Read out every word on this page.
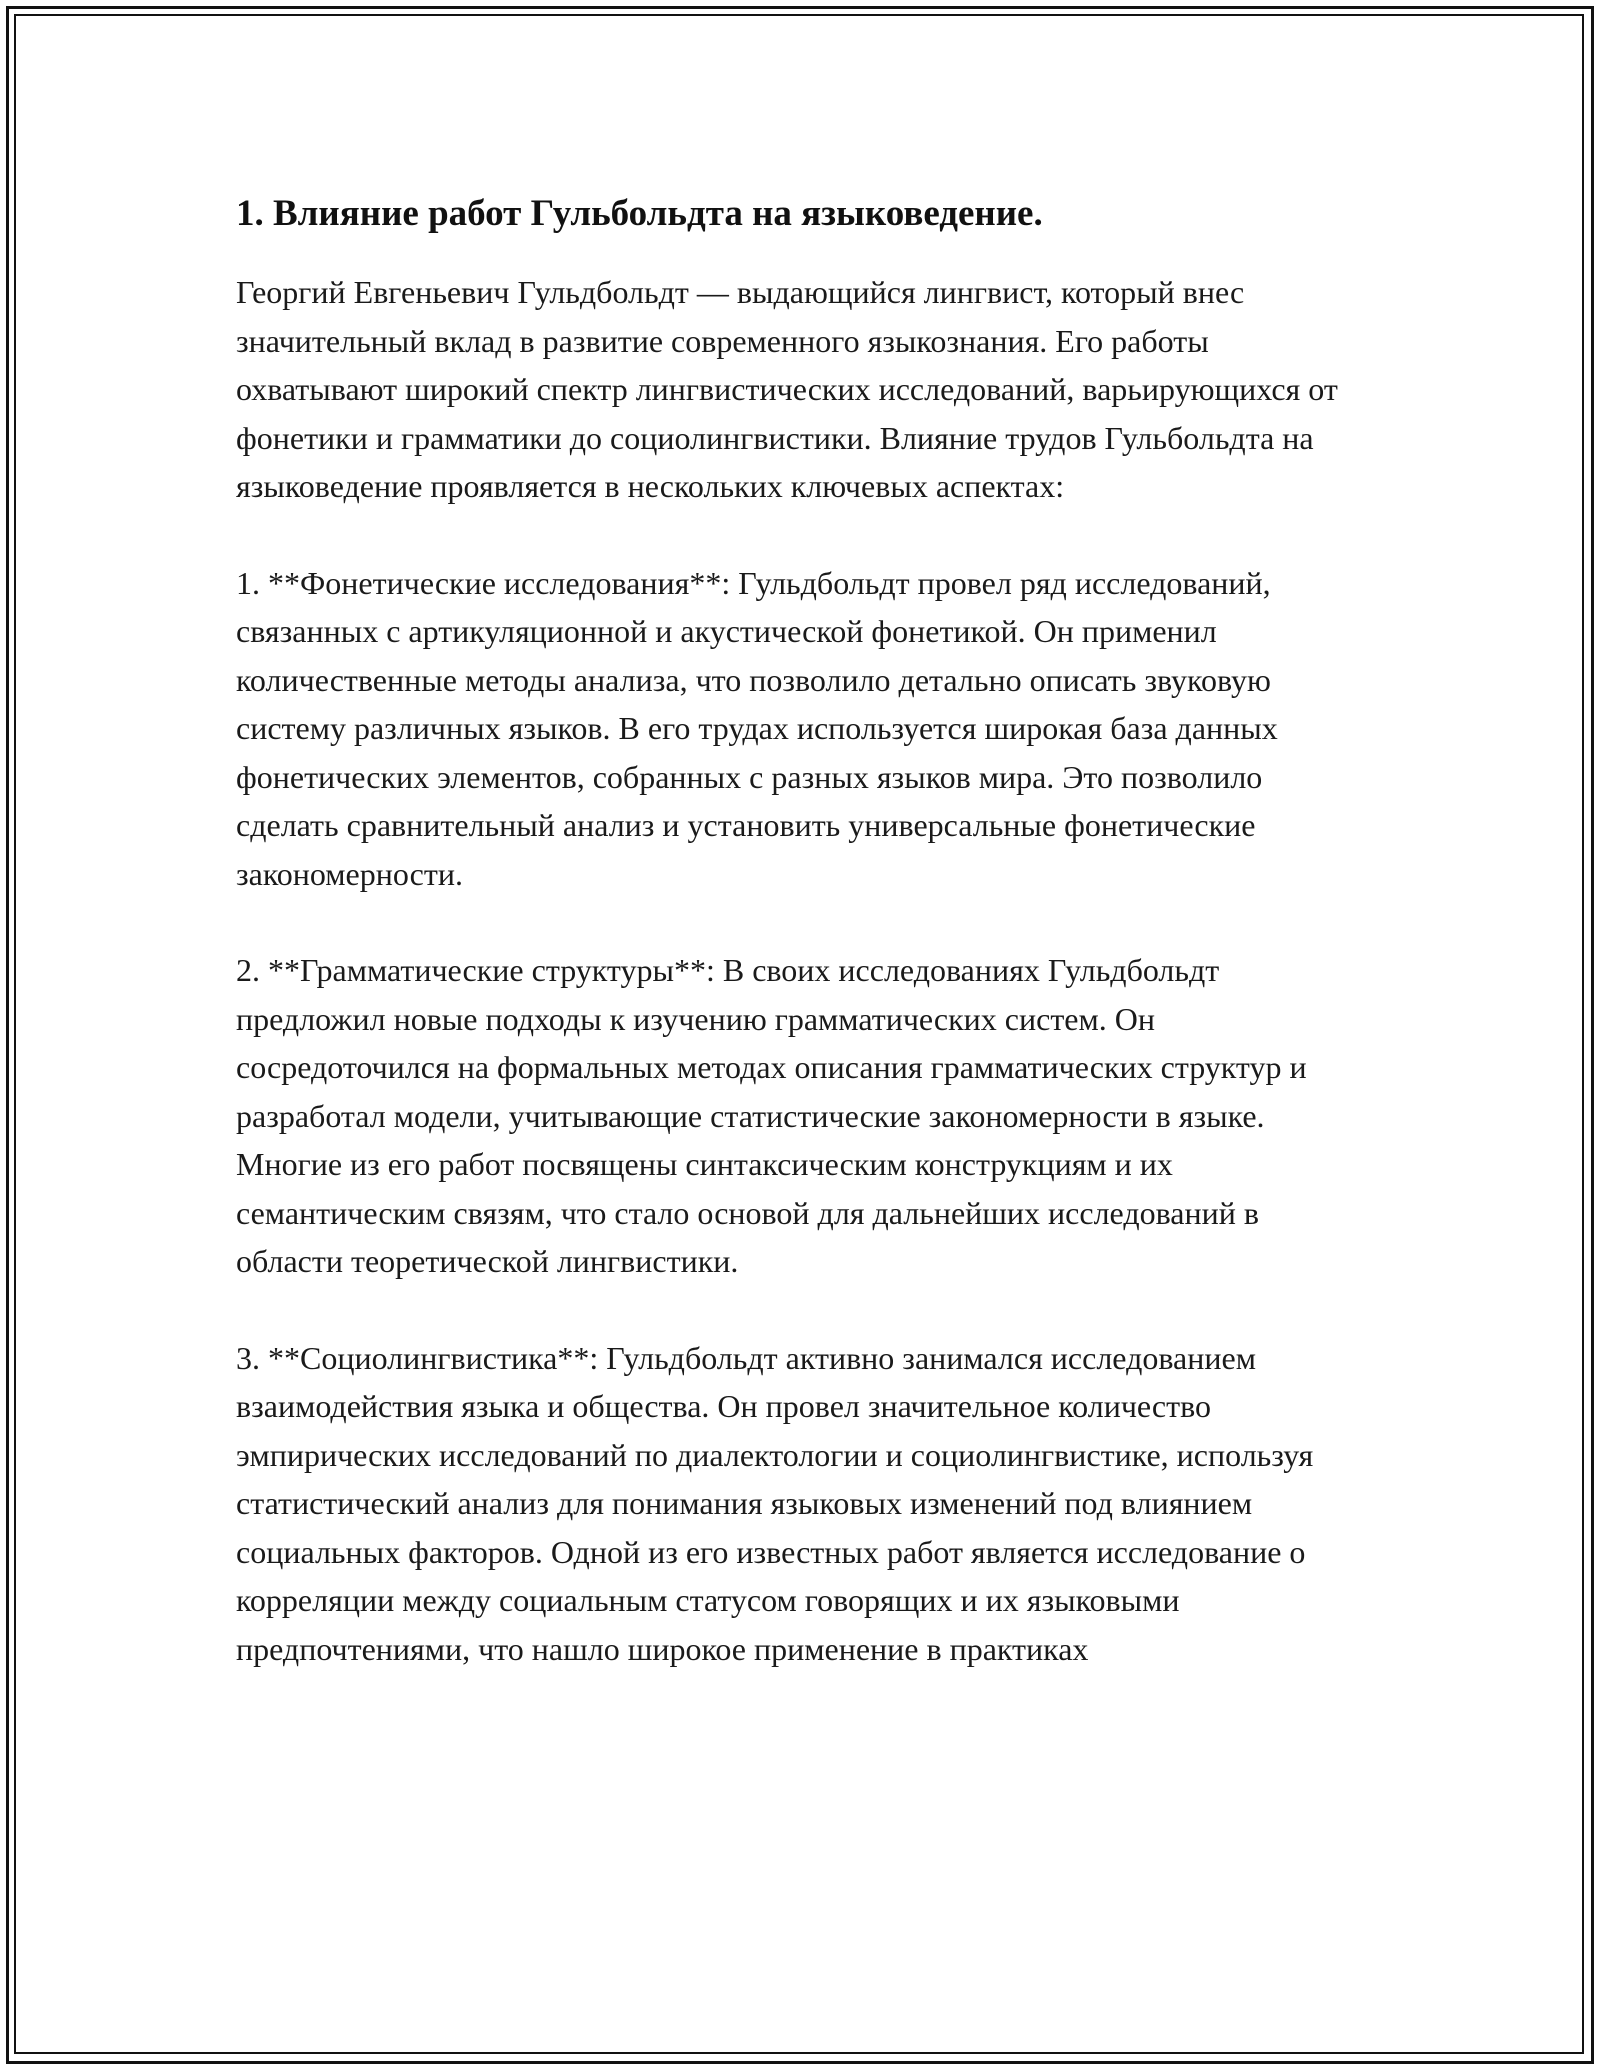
1. Влияние работ Гульбольдта на языковедение.

Георгий Евгеньевич Гульдбольдт — выдающийся лингвист, который внес значительный вклад в развитие современного языкознания. Его работы охватывают широкий спектр лингвистических исследований, варьирующихся от фонетики и грамматики до социолингвистики. Влияние трудов Гульбольдта на языковедение проявляется в нескольких ключевых аспектах:

1. **Фонетические исследования**: Гульдбольдт провел ряд исследований, связанных с артикуляционной и акустической фонетикой. Он применил количественные методы анализа, что позволило детально описать звуковую систему различных языков. В его трудах используется широкая база данных фонетических элементов, собранных с разных языков мира. Это позволило сделать сравнительный анализ и установить универсальные фонетические закономерности.

2. **Грамматические структуры**: В своих исследованиях Гульдбольдт предложил новые подходы к изучению грамматических систем. Он сосредоточился на формальных методах описания грамматических структур и разработал модели, учитывающие статистические закономерности в языке. Многие из его работ посвящены синтаксическим конструкциям и их семантическим связям, что стало основой для дальнейших исследований в области теоретической лингвистики.

3. **Социолингвистика**: Гульдбольдт активно занимался исследованием взаимодействия языка и общества. Он провел значительное количество эмпирических исследований по диалектологии и социолингвистике, используя статистический анализ для понимания языковых изменений под влиянием социальных факторов. Одной из его известных работ является исследование о корреляции между социальным статусом говорящих и их языковыми предпочтениями, что нашло широкое применение в практиках
